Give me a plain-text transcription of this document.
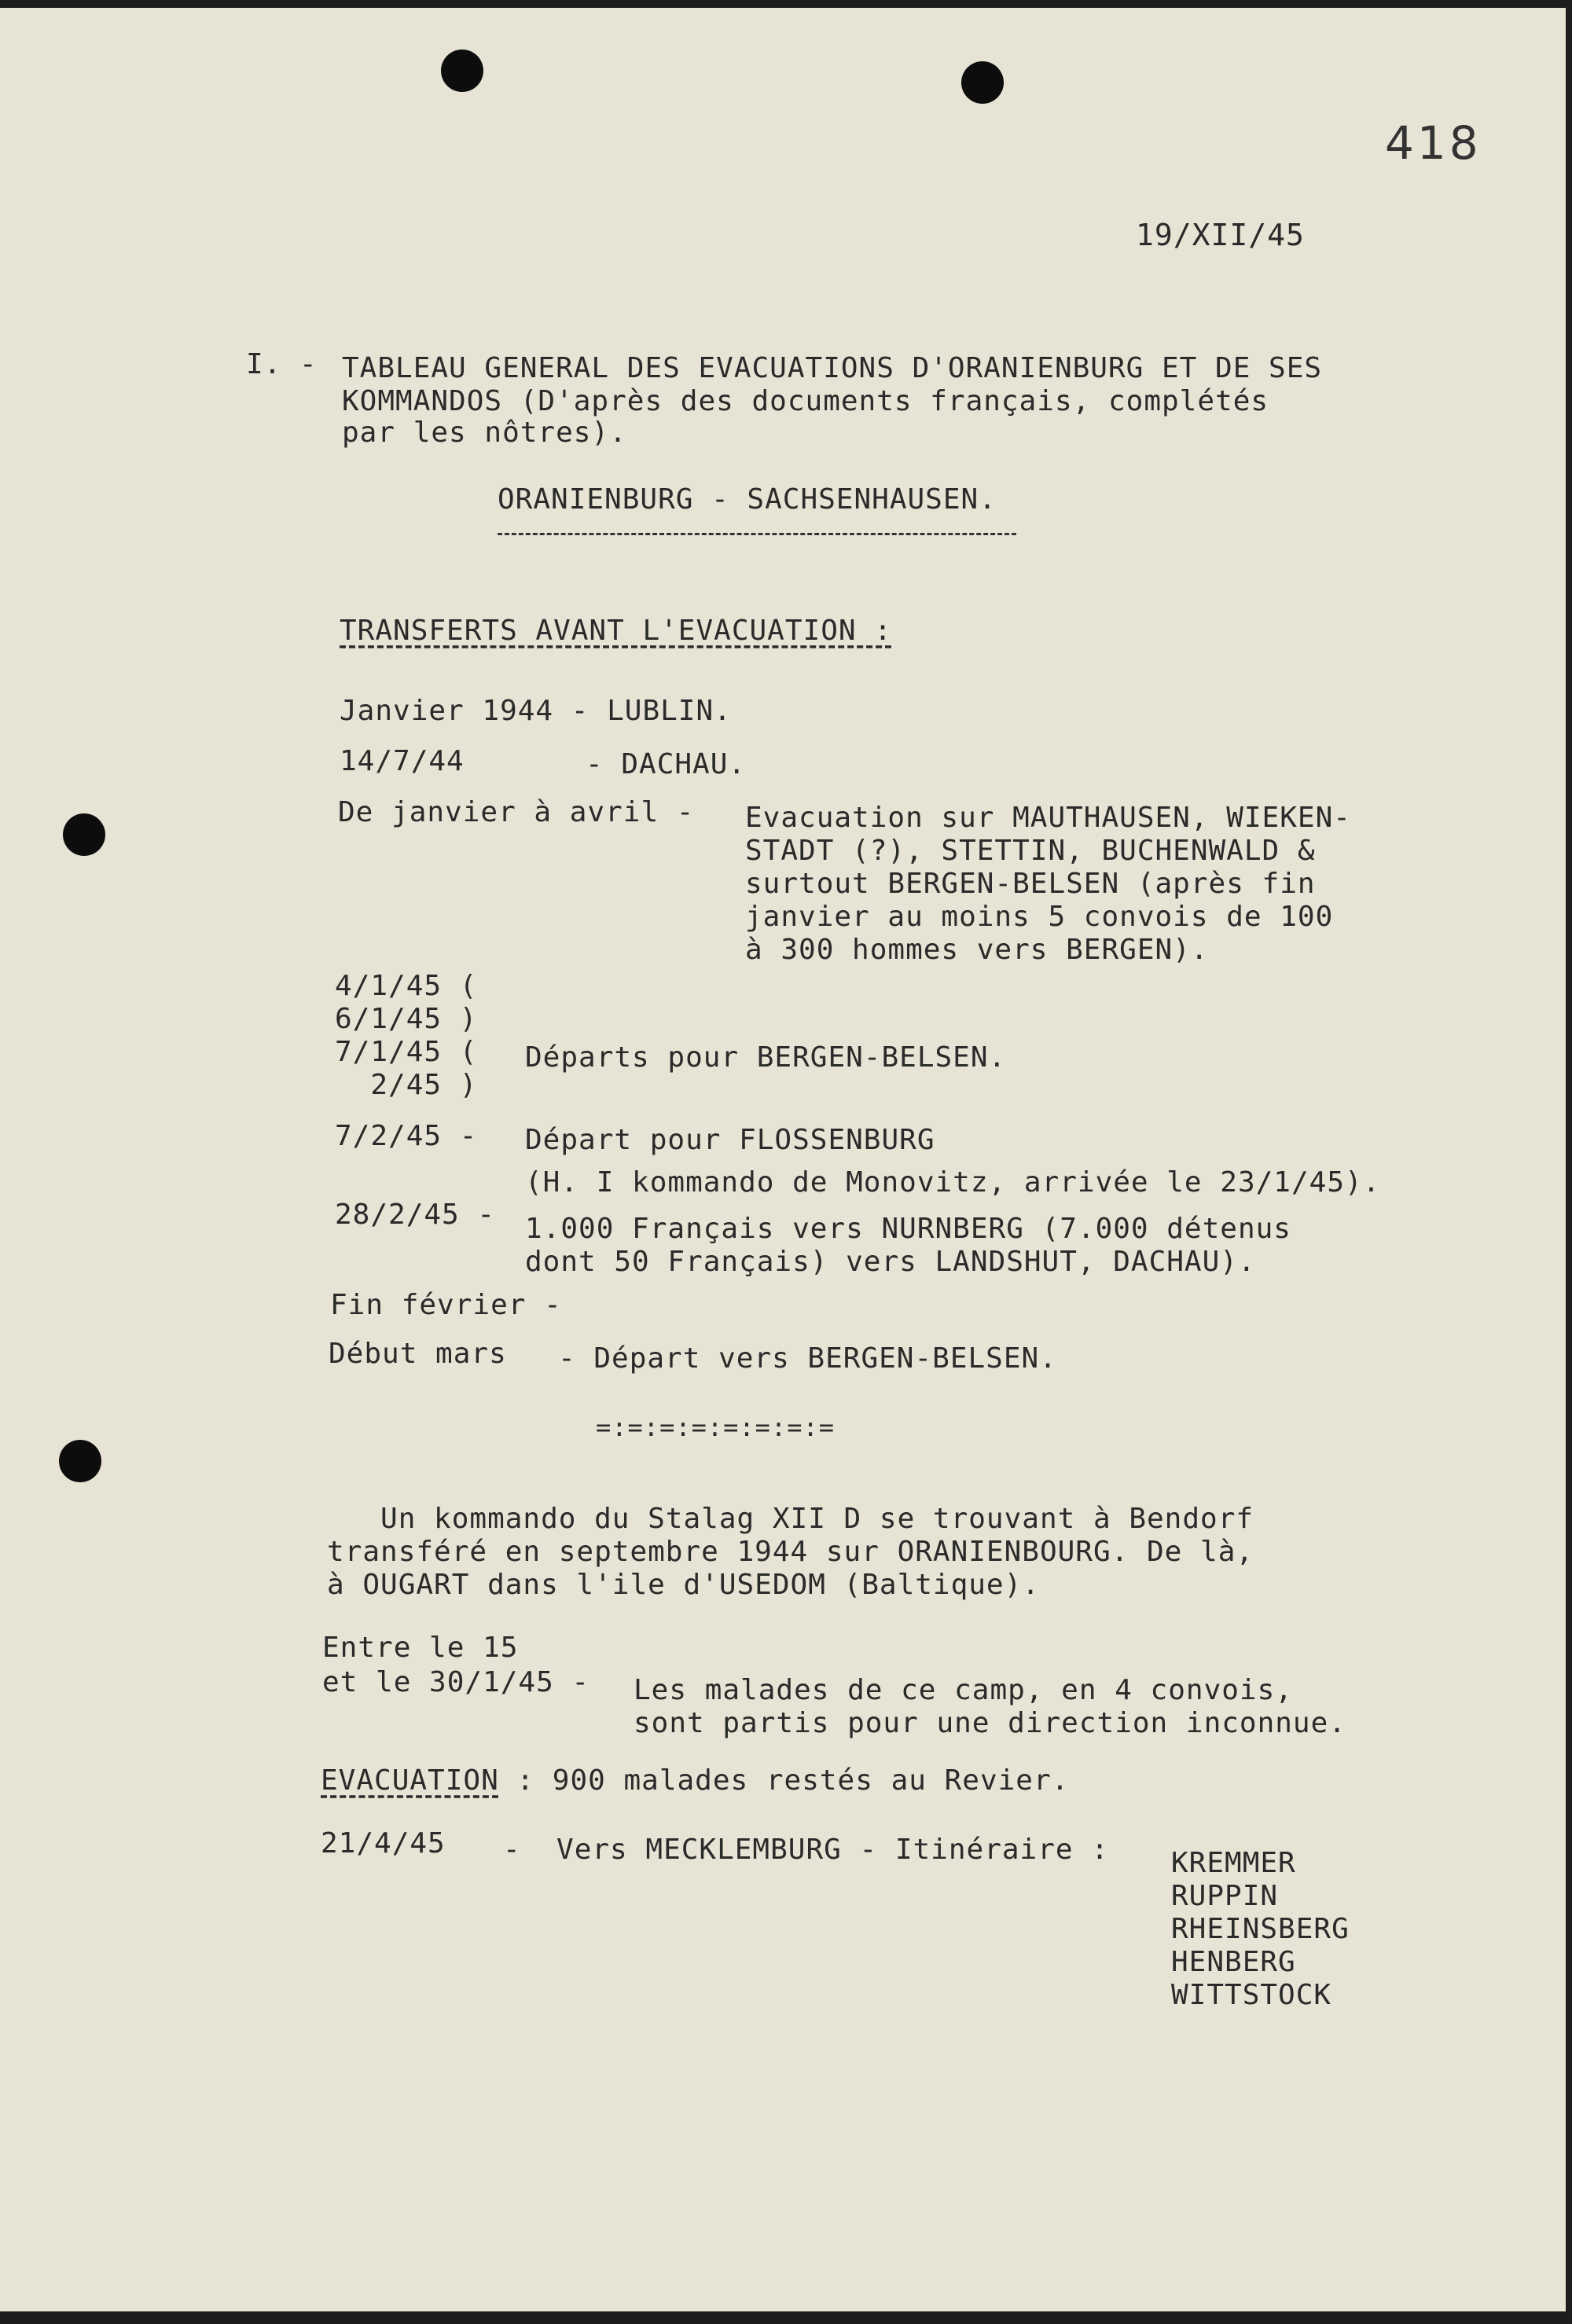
418
19/XII/45
I. - TABLEAU GENERAL DES EVACUATIONS D'ORANIENBURG ET DE SES
KOMMANDOS (D'après des documents français, complétés
par les nôtres).
ORANIENBURG - SACHSENHAUSEN.
TRANSFERTS AVANT L'EVACUATION :
Janvier 1944 - LUBLIN.
14/7/44	- DACHAU.
De janvier à avril - Evacuation sur MAUTHAUSEN, WIEKEN-
STADT (?), STETTIN, BUCHENWALD &
surtout BERGEN-BELSEN (après fin
janvier au moins 5 convois de 100
à 300 hommes vers BERGEN).
4/1/45 (
6/1/45 )
7/1/45 (
2/45 )
Départs pour BERGEN-BELSEN.
7/2/45 - Départ pour FLOSSENBURG
(H. I kommando de Monovitz, arrivée le 23/1/45).
28/2/45 - 1.000 Français vers NURNBERG (7.000 détenus
dont 50 Français) vers LANDSHUT, DACHAU).
Fin février -
Début mars - Départ vers BERGEN-BELSEN.
=:=:=:=:=:=:=:=
Un kommando du Stalag XII D se trouvant à Bendorf
transféré en septembre 1944 sur ORANIENBOURG. De là,
à OUGART dans l'ile d'USEDOM (Baltique).
Entre le 15
et le 30/1/45 - Les malades de ce camp, en 4 convois,
sont partis pour une direction inconnue.
EVACUATION : 900 malades restés au Revier.
21/4/45 -  Vers MECKLEMBURG - Itinéraire : KREMMER
RUPPIN
RHEINSBERG
HENBERG
WITTSTOCK
